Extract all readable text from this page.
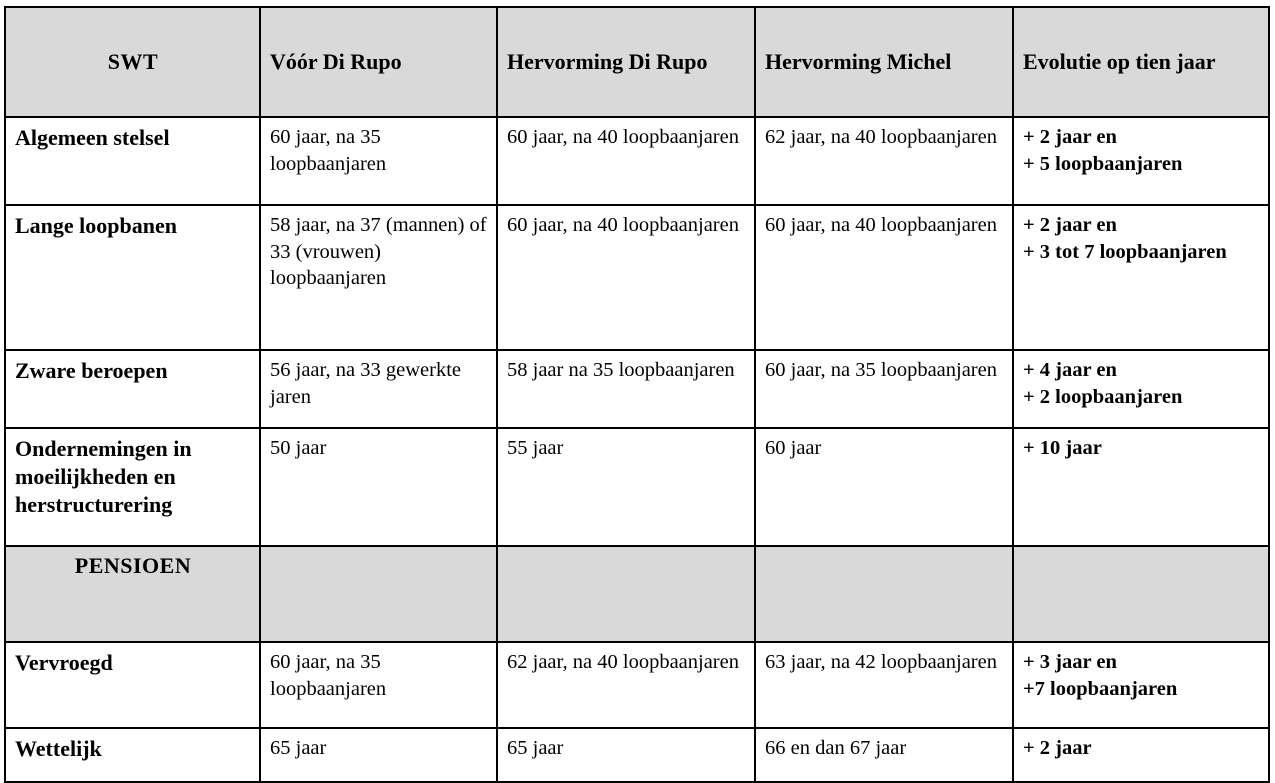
SWT	Vóór Di Rupo	Hervorming Di Rupo	Hervorming Michel	Evolutie op tien jaar
Algemeen stelsel	60 jaar, na 35 loopbaanjaren	60 jaar, na 40 loopbaanjaren	62 jaar, na 40 loopbaanjaren	+ 2 jaar en
+ 5 loopbaanjaren

Lange loopbanen	58 jaar, na 37 (mannen) of 33 (vrouwen) loopbaanjaren	60 jaar, na 40 loopbaanjaren	60 jaar, na 40 loopbaanjaren	+ 2 jaar en
+ 3 tot 7 loopbaanjaren

Zware beroepen	56 jaar, na 33 gewerkte jaren	58 jaar na 35 loopbaanjaren	60 jaar, na 35 loopbaanjaren	+ 4 jaar en
+ 2 loopbaanjaren

Ondernemingen in moeilijkheden en herstructurering	50 jaar	55 jaar	60 jaar	+ 10 jaar
PENSIOEN				
Vervroegd	60 jaar, na 35 loopbaanjaren	62 jaar, na 40 loopbaanjaren	63 jaar, na 42 loopbaanjaren	+ 3 jaar en
+7 loopbaanjaren

Wettelijk	65 jaar	65 jaar	66 en dan 67 jaar	+ 2 jaar
